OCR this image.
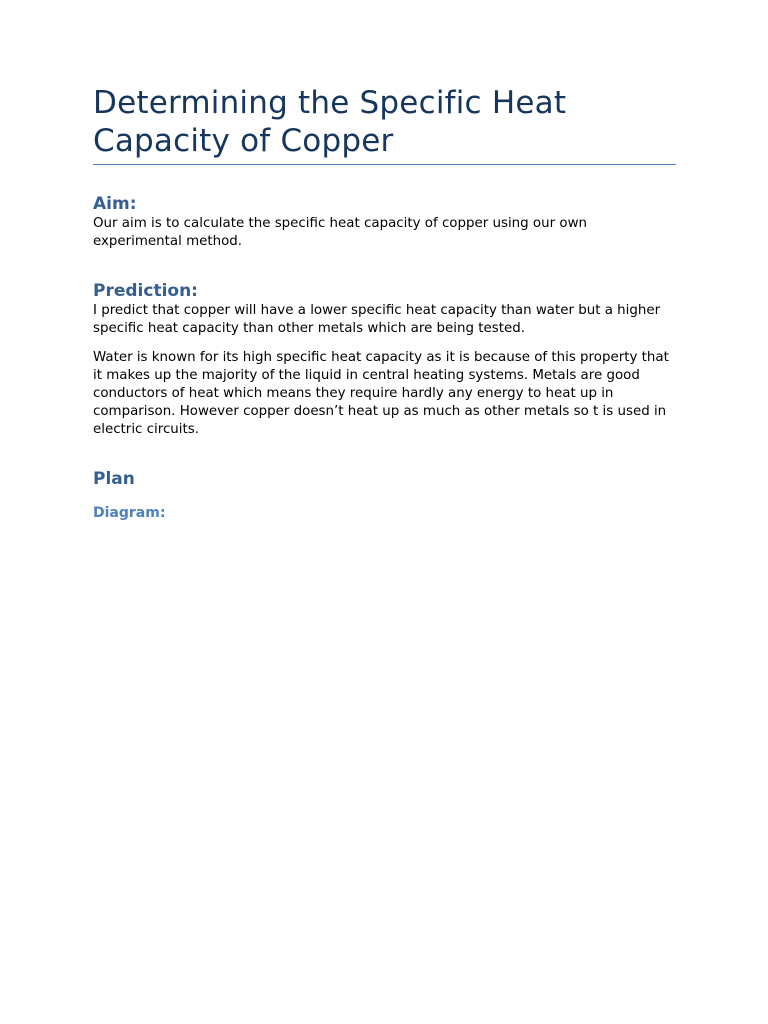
Determining the Specific Heat
Capacity of Copper
Aim:

Our aim is to calculate the specific heat capacity of copper using our own experimental method.

Prediction:

I predict that copper will have a lower specific heat capacity than water but a higher specific heat capacity than other metals which are being tested.

Water is known for its high specific heat capacity as it is because of this property that it makes up the majority of the liquid in central heating systems. Metals are good conductors of heat which means they require hardly any energy to heat up in comparison. However copper doesn’t heat up as much as other metals so t is used in electric circuits.

Plan
Diagram:
